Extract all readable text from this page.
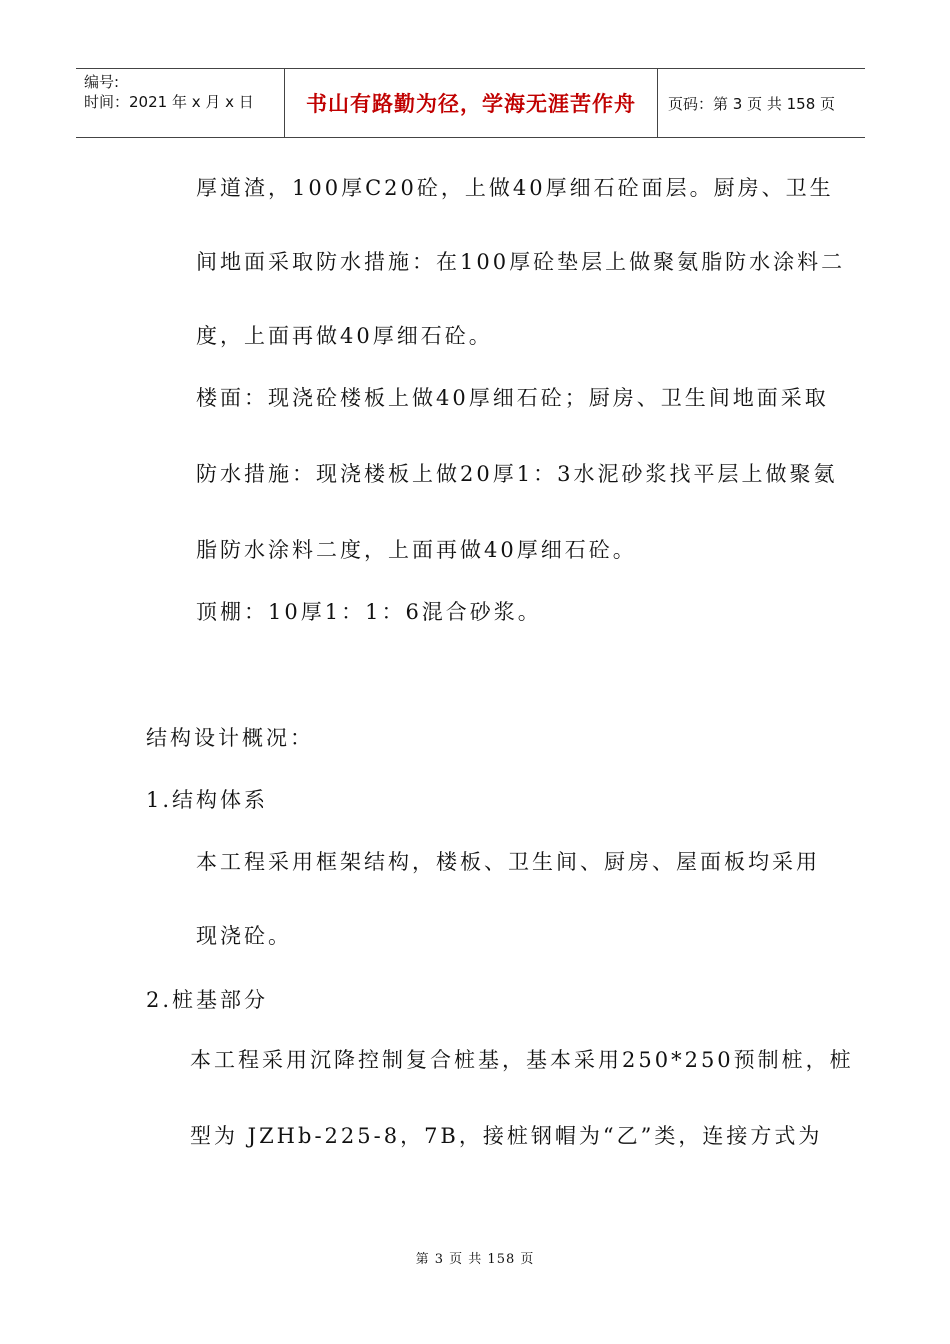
编号:
时间：2021 年 x 月 x 日	书山有路勤为径，学海无涯苦作舟 页码：第 3 页 共 158 页
厚道渣，100厚C20砼，上做40厚细石砼面层。厨房、卫生
间地面采取防水措施：在100厚砼垫层上做聚氨脂防水涂料二
度，上面再做40厚细石砼。
楼面：现浇砼楼板上做40厚细石砼；厨房、卫生间地面采取
防水措施：现浇楼板上做20厚1：3水泥砂浆找平层上做聚氨
脂防水涂料二度，上面再做40厚细石砼。
顶棚：10厚1：1：6混合砂浆。
结构设计概况：
1.结构体系
本工程采用框架结构，楼板、卫生间、厨房、屋面板均采用
现浇砼。
2.桩基部分
本工程采用沉降控制复合桩基，基本采用250*250预制桩，桩
型为 JZHb-225-8，7B，接桩钢帽为“乙”类，连接方式为
第 3 页 共 158 页
